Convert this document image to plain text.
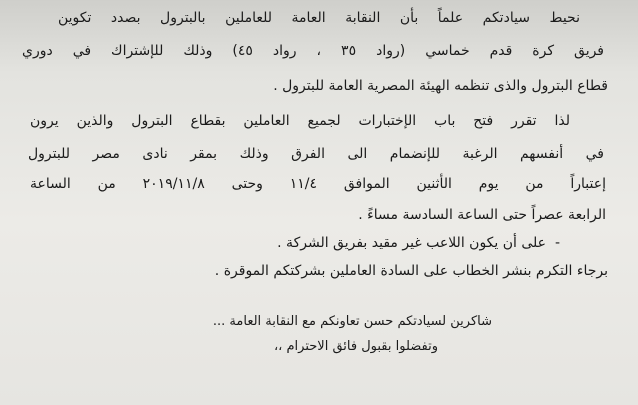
نحيط سيادتكم علماً بأن النقابة العامة للعاملين بالبترول بصدد تكوين
فريق كرة قدم خماسي (رواد ٣٥ ، رواد ٤٥) وذلك للإشتراك في دوري
قطاع البترول والذى تنظمه الهيئة المصرية العامة للبترول .
لذا تقرر فتح باب الإختبارات لجميع العاملين بقطاع البترول والذين يرون
في أنفسهم الرغبة للإنضمام الى الفرق وذلك بمقر نادى مصر للبترول
إعتباراً من يوم الأثنين الموافق ١١/٤ وحتى ٢٠١٩/١١/٨ من الساعة
الرابعة عصراً حتى الساعة السادسة مساءً .
-  على أن يكون اللاعب غير مقيد بفريق الشركة .
برجاء التكرم بنشر الخطاب على السادة العاملين بشركتكم الموقرة .
شاكرين لسيادتكم حسن تعاونكم مع النقابة العامة ...
وتفضلوا بقبول فائق الاحترام ،،
